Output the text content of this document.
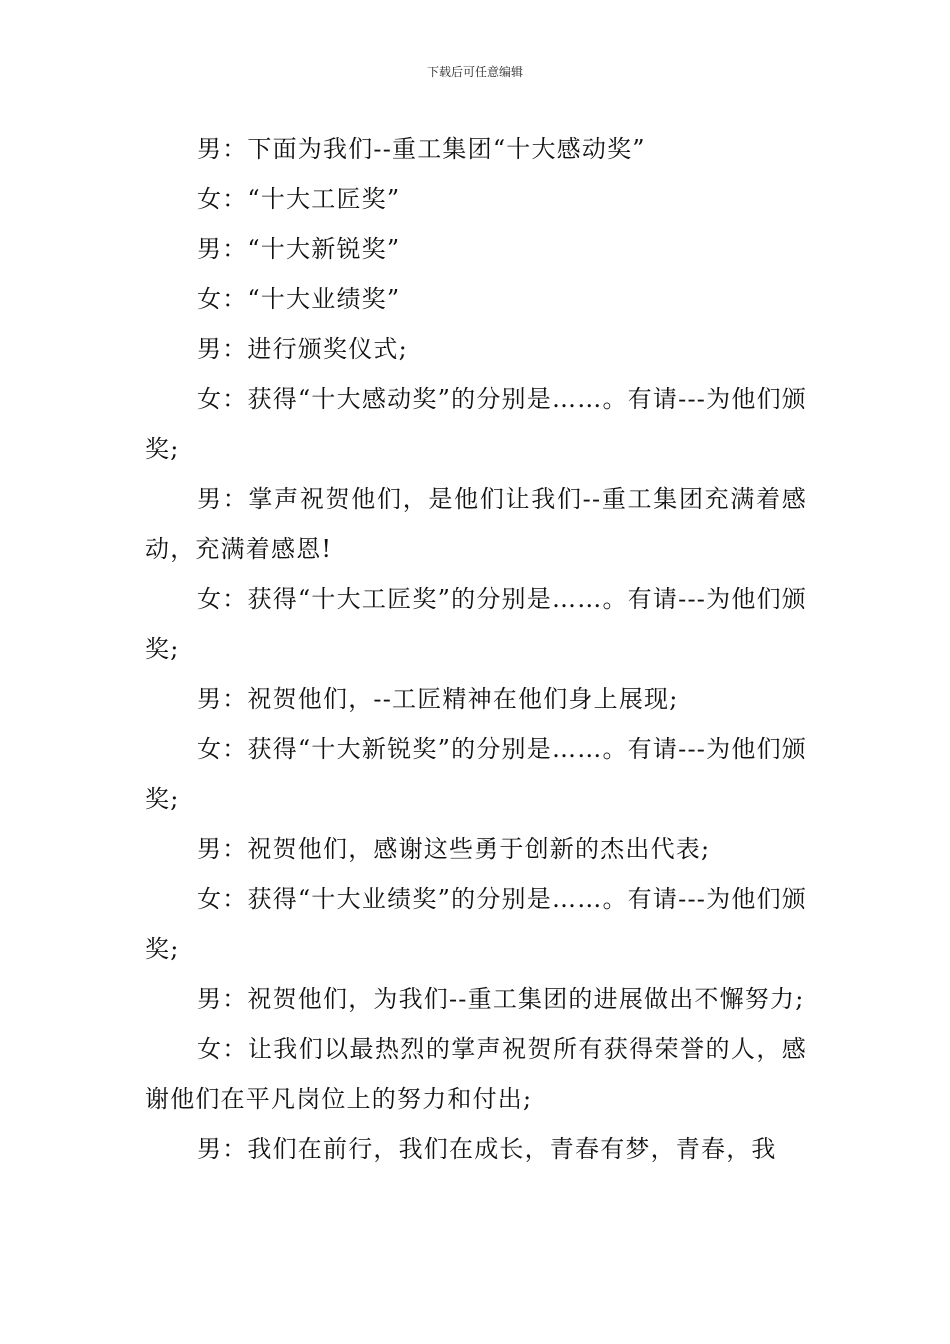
下载后可任意编辑

男：下面为我们--重工集团“十大感动奖”

女：“十大工匠奖”

男：“十大新锐奖”

女：“十大业绩奖”

男：进行颁奖仪式;

女：获得“十大感动奖”的分别是……。有请---为他们颁奖;

男：掌声祝贺他们，是他们让我们--重工集团充满着感动，充满着感恩!

女：获得“十大工匠奖”的分别是……。有请---为他们颁奖;

男：祝贺他们，--工匠精神在他们身上展现;

女：获得“十大新锐奖”的分别是……。有请---为他们颁奖;

男：祝贺他们，感谢这些勇于创新的杰出代表;

女：获得“十大业绩奖”的分别是……。有请---为他们颁奖;

男：祝贺他们，为我们--重工集团的进展做出不懈努力;

女：让我们以最热烈的掌声祝贺所有获得荣誉的人，感谢他们在平凡岗位上的努力和付出;

男：我们在前行，我们在成长，青春有梦，青春，我
